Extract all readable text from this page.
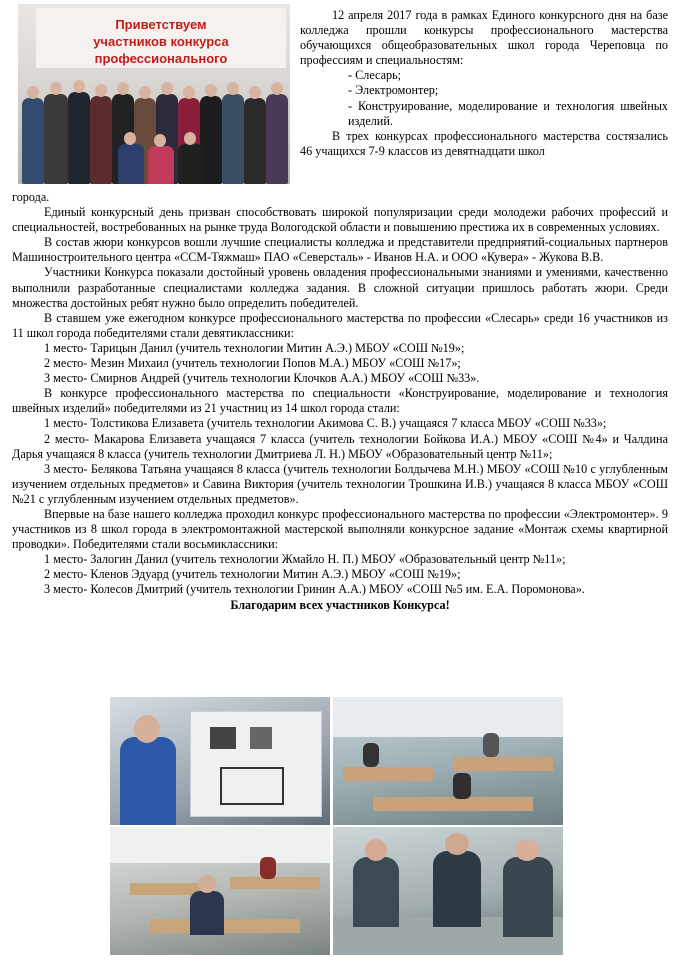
Приветствуем
участников конкурса
профессионального

12 апреля 2017 года в рамках Единого конкурсного дня на базе колледжа прошли конкурсы профессионального мастерства обучающихся общеобразовательных школ города Череповца по профессиям и специальностям:

- Слесарь;

- Электромонтер;

- Конструирование, моделирование и технология швейных изделий.

В трех конкурсах профессионального мастерства состязались 46 учащихся 7-9 классов из девятнадцати школ

города.

Единый конкурсный день призван способствовать широкой популяризации среди молодежи рабочих профессий и специальностей, востребованных на рынке труда Вологодской области и повышению престижа их в современных условиях.

В состав жюри конкурсов вошли лучшие специалисты колледжа и представители предприятий-социальных партнеров Машиностроительного центра «ССМ-Тяжмаш» ПАО «Северсталь» - Иванов Н.А. и ООО «Кувера» - Жукова В.В.

Участники Конкурса показали достойный уровень овладения профессиональными знаниями и умениями, качественно выполнили разработанные специалистами колледжа задания. В сложной ситуации пришлось работать жюри. Среди множества достойных ребят нужно было определить победителей.

В ставшем уже ежегодном конкурсе профессионального мастерства по профессии «Слесарь» среди 16 участников из 11 школ города победителями стали девятиклассники:

1 место- Тарицын Данил (учитель технологии Митин А.Э.) МБОУ «СОШ №19»;

2 место- Мезин Михаил (учитель технологии Попов М.А.) МБОУ «СОШ №17»;

3 место- Смирнов Андрей (учитель технологии Клочков А.А.) МБОУ «СОШ №33».

В конкурсе профессионального мастерства по специальности «Конструирование, моделирование и технология швейных изделий» победителями из 21 участниц из 14 школ города стали:

1 место- Толстикова Елизавета (учитель технологии Акимова С. В.) учащаяся 7 класса МБОУ «СОШ №33»;

2 место- Макарова Елизавета учащаяся 7 класса (учитель технологии Бойкова И.А.) МБОУ «СОШ №4» и Чалдина Дарья учащаяся 8 класса (учитель технологии Дмитриева Л. Н.) МБОУ «Образовательный центр №11»;

3 место- Белякова Татьяна учащаяся 8 класса (учитель технологии Болдычева М.Н.) МБОУ «СОШ №10 с углубленным изучением отдельных предметов» и Савина Виктория (учитель технологии Трошкина И.В.) учащаяся 8 класса МБОУ «СОШ №21 с углубленным изучением отдельных предметов».

Впервые на базе нашего колледжа проходил конкурс профессионального мастерства по профессии «Электромонтер». 9 участников из 8 школ города в электромонтажной мастерской выполняли конкурсное задание «Монтаж схемы квартирной проводки». Победителями стали восьмиклассники:

1 место- Залогин Данил (учитель технологии Жмайло Н. П.) МБОУ «Образовательный центр №11»;

2 место- Кленов Эдуард (учитель технологии Митин А.Э.) МБОУ «СОШ №19»;

3 место- Колесов Дмитрий (учитель технологии Гринин А.А.) МБОУ «СОШ №5 им. Е.А. Поромонова».

Благодарим всех участников Конкурса!
